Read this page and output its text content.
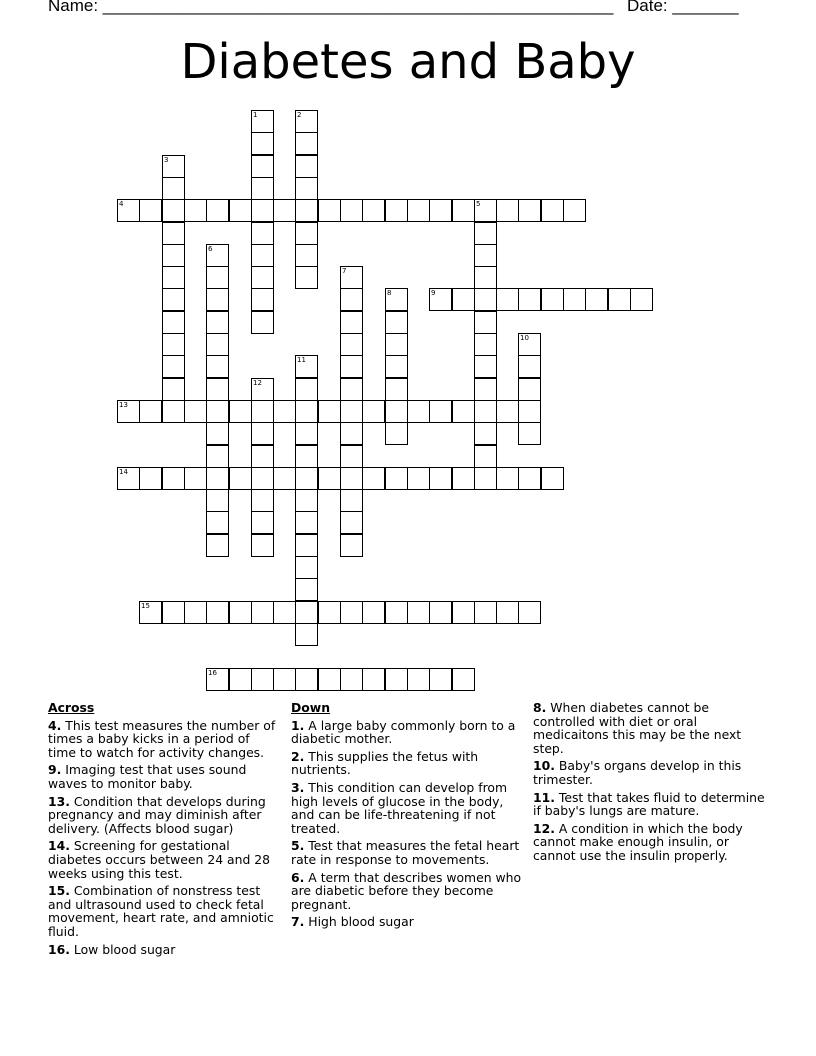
Name: ______________________________________________________ Date: _______
Diabetes and Baby
1	2
3
4	5
6
7
8	9
10
11
12
13
14
15
16
Across
4. This test measures the number of times a baby kicks in a period of time to watch for activity changes.
9. Imaging test that uses sound waves to monitor baby.
13. Condition that develops during pregnancy and may diminish after delivery. (Affects blood sugar)
14. Screening for gestational diabetes occurs between 24 and 28 weeks using this test.
15. Combination of nonstress test and ultrasound used to check fetal movement, heart rate, and amniotic fluid.
16. Low blood sugar
Down
1. A large baby commonly born to a diabetic mother.
2. This supplies the fetus with nutrients.
3. This condition can develop from high levels of glucose in the body, and can be life-threatening if not treated.
5. Test that measures the fetal heart rate in response to movements.
6. A term that describes women who are diabetic before they become pregnant.
7. High blood sugar
8. When diabetes cannot be controlled with diet or oral medicaitons this may be the next step.
10. Baby's organs develop in this trimester.
11. Test that takes fluid to determine if baby's lungs are mature.
12. A condition in which the body cannot make enough insulin, or cannot use the insulin properly.
